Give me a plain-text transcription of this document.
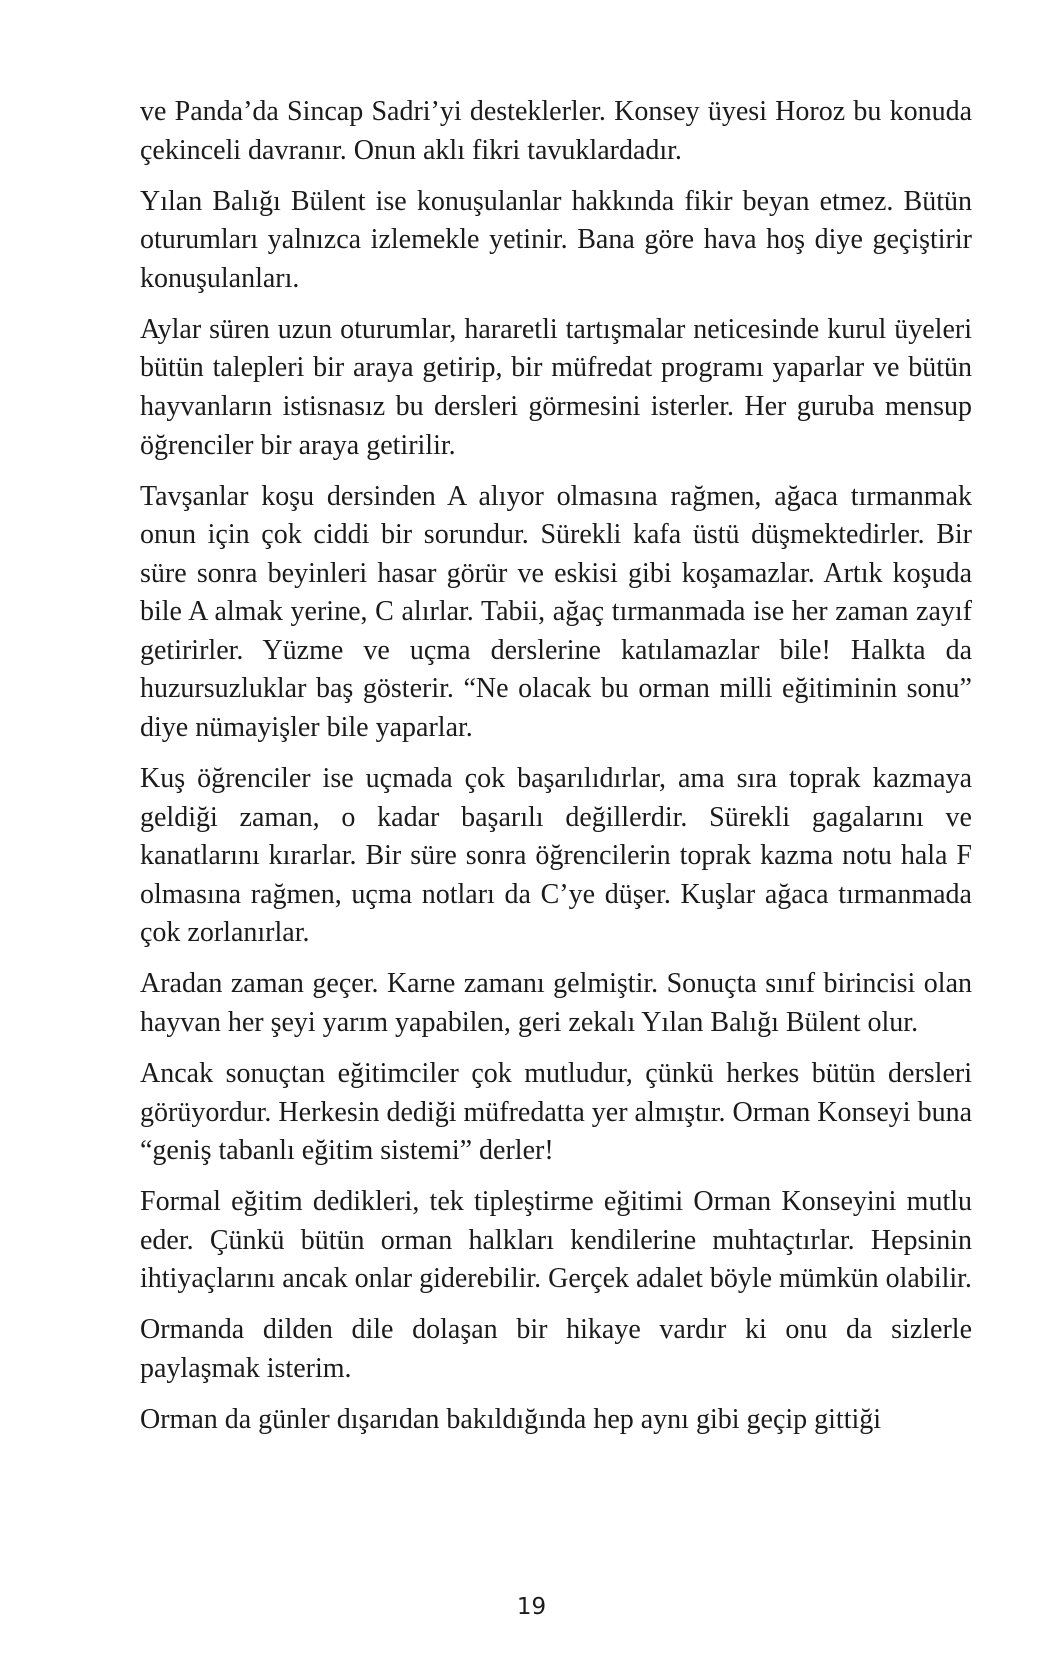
ve Panda’da Sincap Sadri’yi desteklerler. Konsey üyesi Horoz bu konuda çekinceli davranır. Onun aklı fikri tavuklardadır.

Yılan Balığı Bülent ise konuşulanlar hakkında fikir beyan etmez. Bütün oturumları yalnızca izlemekle yetinir. Bana göre hava hoş diye geçiştirir konuşulanları.

Aylar süren uzun oturumlar, hararetli tartışmalar neticesinde kurul üyeleri bütün talepleri bir araya getirip, bir müfredat programı yaparlar ve bütün hayvanların istisnasız bu dersleri görmesini isterler. Her guruba mensup öğrenciler bir araya getirilir.

Tavşanlar koşu dersinden A alıyor olmasına rağmen, ağaca tırmanmak onun için çok ciddi bir sorundur. Sürekli kafa üstü düşmektedirler. Bir süre sonra beyinleri hasar görür ve eskisi gibi koşamazlar. Artık koşuda bile A almak yerine, C alırlar. Tabii, ağaç tırmanmada ise her zaman zayıf getirirler. Yüzme ve uçma derslerine katılamazlar bile! Halkta da huzursuzluklar baş gösterir. “Ne olacak bu orman milli eğitiminin sonu” diye nümayişler bile yaparlar.

Kuş öğrenciler ise uçmada çok başarılıdırlar, ama sıra toprak kazmaya geldiği zaman, o kadar başarılı değillerdir. Sürekli gagalarını ve kanatlarını kırarlar. Bir süre sonra öğrencilerin toprak kazma notu hala F olmasına rağmen, uçma notları da C’ye düşer. Kuşlar ağaca tırmanmada çok zorlanırlar.

Aradan zaman geçer. Karne zamanı gelmiştir. Sonuçta sınıf birincisi olan hayvan her şeyi yarım yapabilen, geri zekalı Yılan Balığı Bülent olur.

Ancak sonuçtan eğitimciler çok mutludur, çünkü herkes bütün dersleri görüyordur. Herkesin dediği müfredatta yer almıştır. Orman Konseyi buna “geniş tabanlı eğitim sistemi” derler!

Formal eğitim dedikleri, tek tipleştirme eğitimi Orman Konseyini mutlu eder. Çünkü bütün orman halkları kendilerine muhtaçtırlar. Hepsinin ihtiyaçlarını ancak onlar giderebilir. Gerçek adalet böyle mümkün olabilir.

Ormanda dilden dile dolaşan bir hikaye vardır ki onu da sizlerle paylaşmak isterim.

Orman da günler dışarıdan bakıldığında hep aynı gibi geçip gittiği

19
